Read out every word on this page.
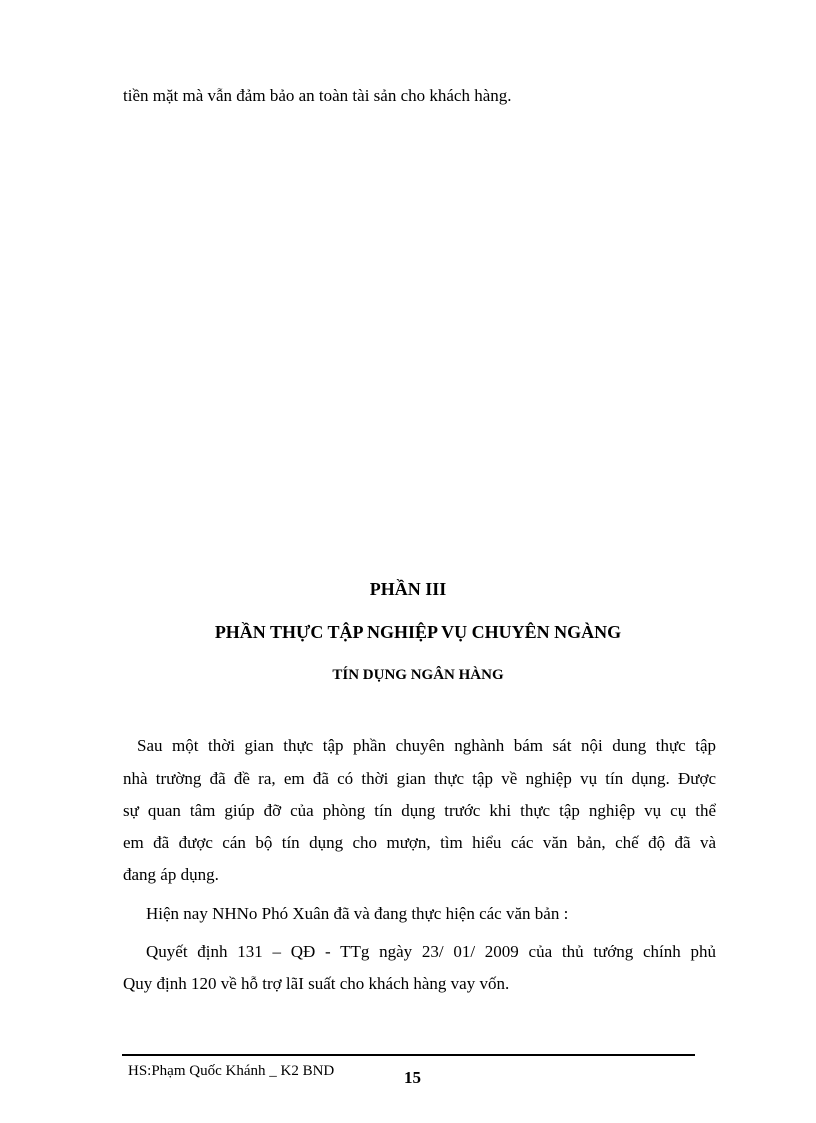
tiền mặt mà vẫn đảm bảo an toàn tài sản cho khách hàng.
PHẦN III
PHẦN THỰC TẬP NGHIỆP VỤ CHUYÊN NGÀNG
TÍN DỤNG NGÂN HÀNG
Sau một thời gian thực tập phần chuyên nghành bám sát nội dung thực tập
nhà trường đã đề ra, em đã có thời gian thực tập về nghiệp vụ tín dụng. Được
sự quan tâm giúp đỡ của phòng tín dụng trước khi thực tập nghiệp vụ cụ thể
em đã được cán bộ tín dụng cho mượn, tìm hiểu các văn bản, chế độ đã và
đang áp dụng.
Hiện nay NHNo Phó Xuân đã và đang thực hiện các văn bản :
Quyết định 131 – QĐ - TTg ngày 23/ 01/ 2009 của thủ tướng chính phủ
Quy định 120 về hỗ trợ lãI suất cho khách hàng vay vốn.
HS:Phạm Quốc Khánh _ K2 BND	15
